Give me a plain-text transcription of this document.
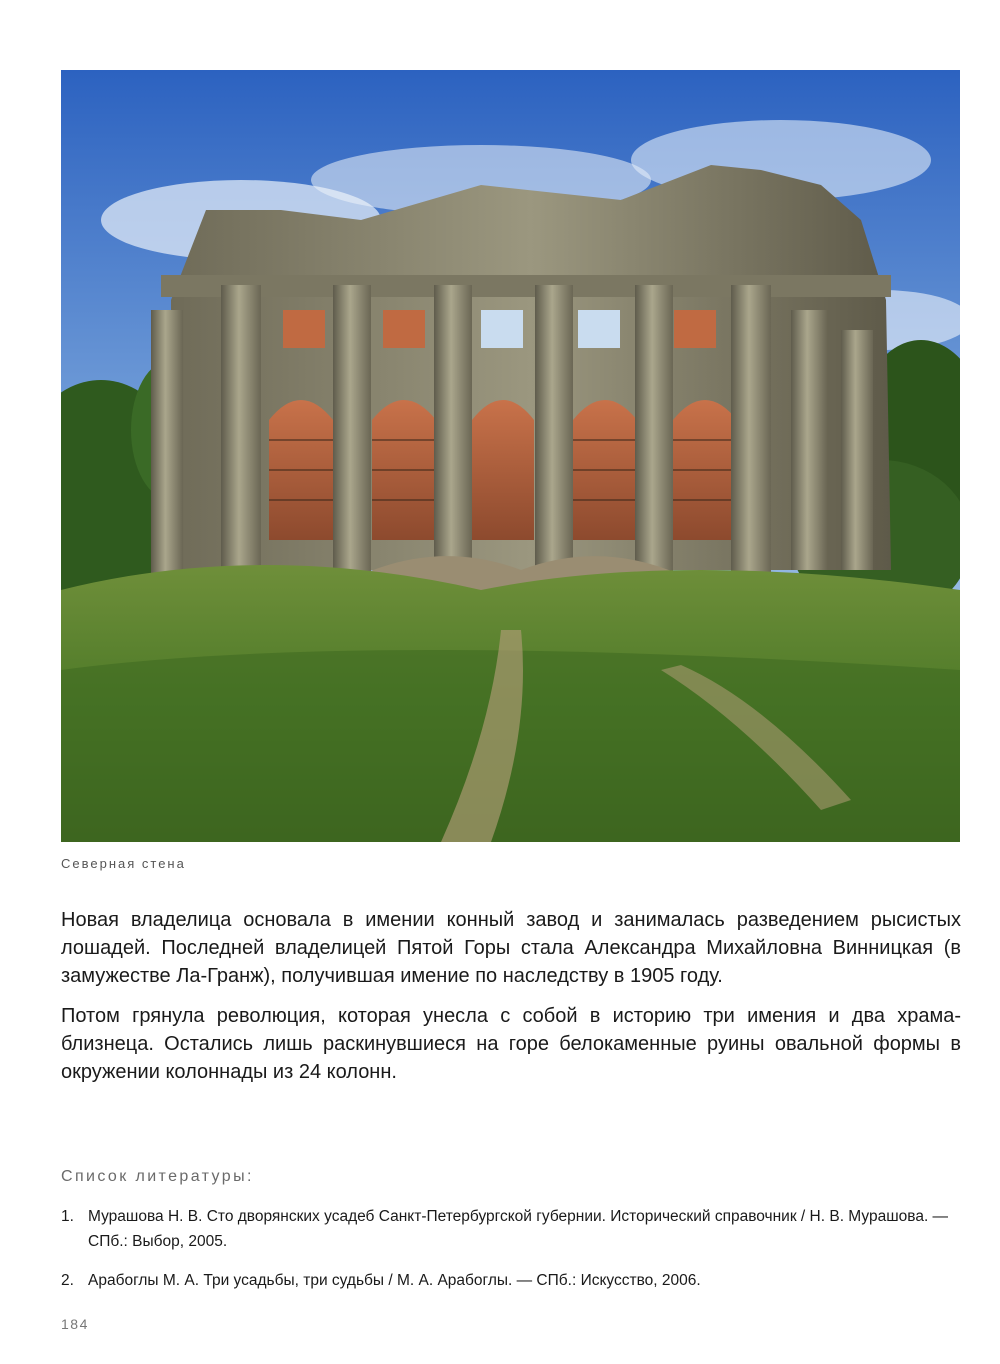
Северная стена

Новая владелица основала в имении конный завод и занималась разведением рысистых лошадей. Последней владелицей Пятой Горы стала Александра Михайловна Винницкая (в замужестве Ла-Гранж), получившая имение по наследству в 1905 году.

Потом грянула революция, которая унесла с собой в историю три имения и два храма-близнеца. Остались лишь раскинувшиеся на горе белокаменные руины овальной формы в окружении колоннады из 24 колонн.

Список литературы:
1. Мурашова Н. В. Сто дворянских усадеб Санкт-Петербургской губернии. Исторический справочник / Н. В. Мурашова. — СПб.: Выбор, 2005.
2. Арабоглы М. А. Три усадьбы, три судьбы / М. А. Арабоглы. — СПб.: Искусство, 2006.
184
